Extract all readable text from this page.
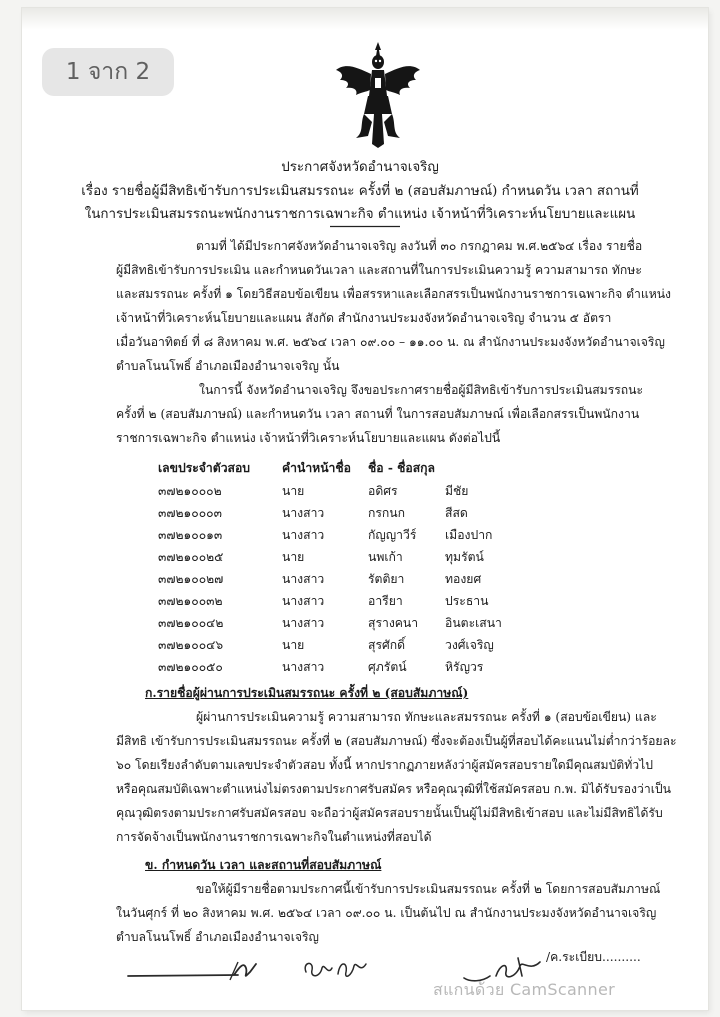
1 จาก 2
ประกาศจังหวัดอำนาจเจริญ
เรื่อง รายชื่อผู้มีสิทธิเข้ารับการประเมินสมรรถนะ ครั้งที่ ๒ (สอบสัมภาษณ์) กำหนดวัน เวลา สถานที่
ในการประเมินสมรรถนะพนักงานราชการเฉพาะกิจ ตำแหน่ง เจ้าหน้าที่วิเคราะห์นโยบายและแผน
ตามที่ ได้มีประกาศจังหวัดอำนาจเจริญ ลงวันที่ ๓๐ กรกฎาคม พ.ศ.๒๕๖๔ เรื่อง รายชื่อ
ผู้มีสิทธิเข้ารับการประเมิน และกำหนดวันเวลา และสถานที่ในการประเมินความรู้ ความสามารถ ทักษะ
และสมรรถนะ ครั้งที่ ๑ โดยวิธีสอบข้อเขียน เพื่อสรรหาและเลือกสรรเป็นพนักงานราชการเฉพาะกิจ ตำแหน่ง
เจ้าหน้าที่วิเคราะห์นโยบายและแผน สังกัด สำนักงานประมงจังหวัดอำนาจเจริญ จำนวน ๕ อัตรา
เมื่อวันอาทิตย์ ที่ ๘ สิงหาคม พ.ศ. ๒๕๖๔ เวลา ๐๙.๐๐ – ๑๑.๐๐ น. ณ สำนักงานประมงจังหวัดอำนาจเจริญ
ตำบลโนนโพธิ์ อำเภอเมืองอำนาจเจริญ นั้น
ในการนี้ จังหวัดอำนาจเจริญ จึงขอประกาศรายชื่อผู้มีสิทธิเข้ารับการประเมินสมรรถนะ
ครั้งที่ ๒ (สอบสัมภาษณ์) และกำหนดวัน เวลา สถานที่ ในการสอบสัมภาษณ์ เพื่อเลือกสรรเป็นพนักงาน
ราชการเฉพาะกิจ ตำแหน่ง เจ้าหน้าที่วิเคราะห์นโยบายและแผน ดังต่อไปนี้
เลขประจำตัวสอบ	คำนำหน้าชื่อ ชื่อ - ชื่อสกุล
๓๗๒๑๐๐๐๒	นาย	อดิศร	มีชัย
๓๗๒๑๐๐๐๓	นางสาว	กรกนก	สีสด
๓๗๒๑๐๐๑๓	นางสาว	กัญญาวีร์ เมืองปาก
๓๗๒๑๐๐๒๕	นาย	นพเก้า	ทุมรัตน์
๓๗๒๑๐๐๒๗	นางสาว	รัตติยา	ทองยศ
๓๗๒๑๐๐๓๒	นางสาว	อารียา	ประธาน
๓๗๒๑๐๐๔๒	นางสาว	สุรางคนา อินตะเสนา
๓๗๒๑๐๐๔๖	นาย	สุรศักดิ์	วงศ์เจริญ
๓๗๒๑๐๐๕๐	นางสาว	ศุภรัตน์	หิรัญวร
ก.รายชื่อผู้ผ่านการประเมินสมรรถนะ ครั้งที่ ๒ (สอบสัมภาษณ์)
ผู้ผ่านการประเมินความรู้ ความสามารถ ทักษะและสมรรถนะ ครั้งที่ ๑ (สอบข้อเขียน) และ
มีสิทธิ เข้ารับการประเมินสมรรถนะ ครั้งที่ ๒ (สอบสัมภาษณ์) ซึ่งจะต้องเป็นผู้ที่สอบได้คะแนนไม่ต่ำกว่าร้อยละ
๖๐ โดยเรียงลำดับตามเลขประจำตัวสอบ ทั้งนี้ หากปรากฏภายหลังว่าผู้สมัครสอบรายใดมีคุณสมบัติทั่วไป
หรือคุณสมบัติเฉพาะตำแหน่งไม่ตรงตามประกาศรับสมัคร หรือคุณวุฒิที่ใช้สมัครสอบ ก.พ. มิได้รับรองว่าเป็น
คุณวุฒิตรงตามประกาศรับสมัครสอบ จะถือว่าผู้สมัครสอบรายนั้นเป็นผู้ไม่มีสิทธิเข้าสอบ และไม่มีสิทธิได้รับ
การจัดจ้างเป็นพนักงานราชการเฉพาะกิจในตำแหน่งที่สอบได้
ข. กำหนดวัน เวลา และสถานที่สอบสัมภาษณ์
ขอให้ผู้มีรายชื่อตามประกาศนี้เข้ารับการประเมินสมรรถนะ ครั้งที่ ๒ โดยการสอบสัมภาษณ์
ในวันศุกร์ ที่ ๒๐ สิงหาคม พ.ศ. ๒๕๖๔ เวลา ๐๙.๐๐ น. เป็นต้นไป ณ สำนักงานประมงจังหวัดอำนาจเจริญ
ตำบลโนนโพธิ์ อำเภอเมืองอำนาจเจริญ
/ค.ระเบียบ..........
สแกนด้วย CamScanner
